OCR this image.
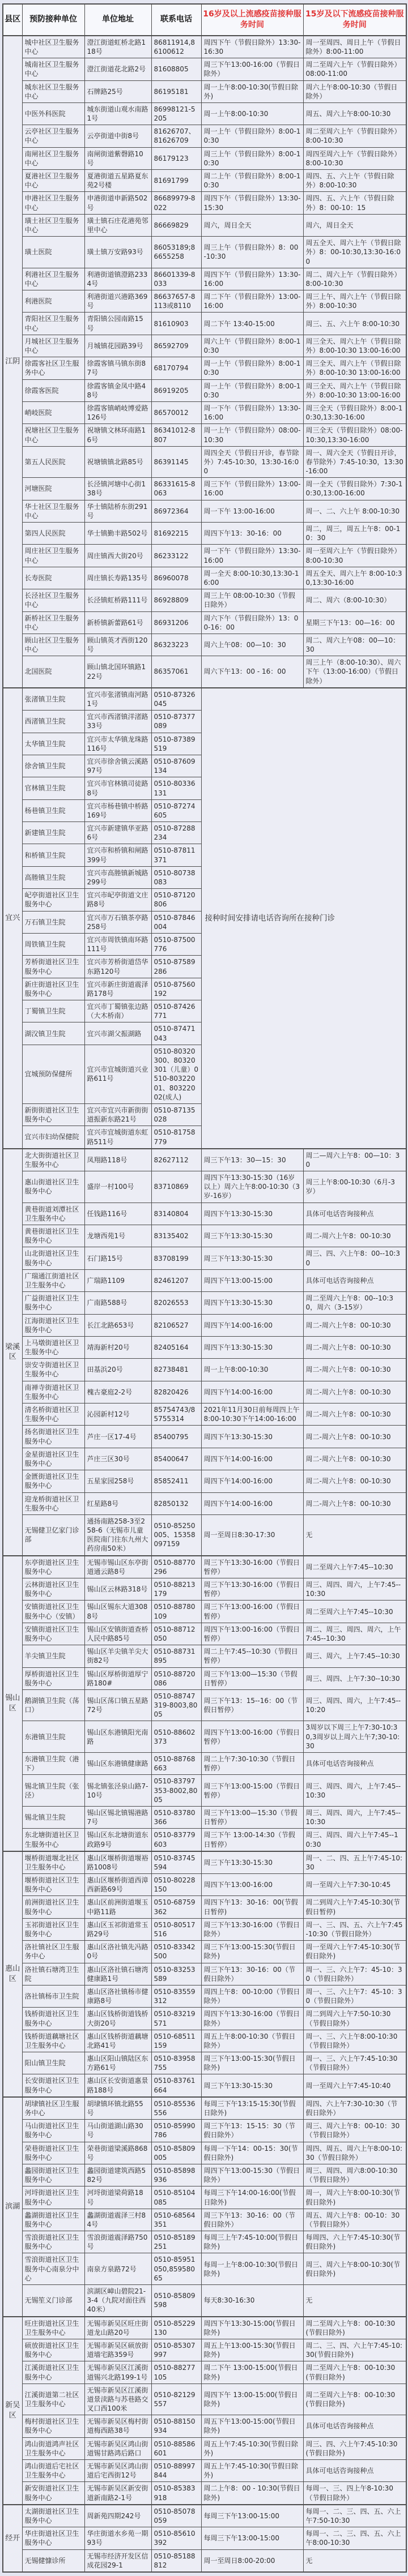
县区	预防接种单位	单位地址	联系电话	16岁及以上流感疫苗接种服务时间	15岁及以下流感疫苗接种服务时间
江阴	城中社区卫生服务中心	澄江街道虹桥北路118号	86811914,86100612	周四下午（节假日除外）13:30-16:30	周一至周四、周日上午（节假日除外）8:00-11:00
	城南社区卫生服务中心	澄江街道花北路2号	81608805	周三下午13:00-16:00（节假日除外）	周二至周六上午（节假日除外）08:00-11:00
	城东社区卫生服务中心	石牌路25号	86195181	周一上午8:00-10:30(节假日除外)	周六上午8:00-10:30（节假日除外）
	中医外科医院	城东街道山观水南路1号	86998121-5205	周一上午8:00-10:30	周五、周六上午8:00-10:30
	云亭社区卫生服务中心	云亭街道中街8号	81626707、81626709	周一上午（节假日除外）8:00-10:30	周二至周六上午（节假日除外）8:00-10:30
	南闸社区卫生服务中心	南闸街道紫磬路10号	86179123	周三上午（节假日除外）8:00-10:30	周四至周六上午（节假日除外）8:00-10:30
	夏港社区卫生服务中心	夏港街道五星路夏东苑2号楼	81691799	周二上午（节假日除外）8:00-10:30	周四、五、六上午（节假日除外）8:00-10:30
	申港社区卫生服务中心	申港街道申新路502号	86689979-8022	周四下午（节假日除外）13:30-15:30	周四、五、六上午（节假日除外）8：00-10：15
	璜土社区卫生服务中心	璜土镇石庄花港苑邻里中心	86669829	周六，周日全天	周六，周日全天
	璜土医院	璜土镇万安路93号	86053189;86655258	周三上午（节假日除外）8：00-10:30	周五全天、周六上午（节假日除外）8：00-10:30,13:30-16:00
	利港社区卫生服务中心	利港街道镇澄路2334号	86601339-8033	周四下午（节假日除外）13:30-16:00	周二、周六上午（节假日除外）8:00-10:30
	利港医院	利港街道兴港路369号	86637657-8113或8110	周二下午（节假日除外）13:00-16:00	周三上午、周六上午（节假日除外）8:00-10:30
	青阳社区卫生服务中心	青阳镇公园南路15号	81610903	周二下午 13:40-15:00	周三、五、六上午 8:00-10:30
	月城社区卫生服务中心	月城镇花园路39号	86592709	周六上午（节假日除外）8:00-10:30	周三全天、周六上午（节假日除外）8:00-10:30 13:00-16:00
	徐霞客社区卫生服务中心	徐霞客镇马镇东街87号	68170794	周一上午（节假日除外）8:00-10:30	周三全天、周六上午（节假日除外）8:00-10:30 13:00-16:00
	徐霞客医院	徐霞客镇金凤中路48号	86919205	周一上午（节假日除外）8:00-10:30	周三全天、周六上午（节假日除外）8:00-10:30 13:00-16:00
	峭岐医院	徐霞客镇峭岐博爱路126号	86570012	周一下午（节假日除外）13:30-16:00	周三全天（节假日除外）8:00-10:30,13:30-16:00
	祝塘社区卫生服务中心	祝塘镇文林环南路16号	86341012-8807	周一上午（节假日除外）08:00-10:30	周三全天（节假日除外）08:00-10:30,13:30-16:00
	第五人民医院	祝塘镇镇北路85号	86391145	周四全天（节假日开诊，春节除外）7:45-10:30，13:30-16:00	周一、周六全天（节假日开诊，春节除外）7:45-10:30，13:30-16:00
	河塘医院	长泾镇河塘中心街138号	86331615-8063	周三下午（节假日除外）13:00-16:00	周一全天（节假日除外）7:30-10:30,13:00-16:00
	华士社区卫生服务中心	华士镇陆桥东街291号	86972364	周一下午 13:00-16:00	周一、二、六上午 8:00-10:30
	第四人民医院	华士镇勤丰路502号	81692215	周四下午13：30-16：00	周二，周三，周五上午8：00-10：30
	周庄社区卫生服务中心	周庄镇西大街20号	86233122	周一下午（节假日除外）13:30-16:00	周一至周六上午（节假日除外）8:00-10:30
	长寿医院	周庄镇长寿路135号	86960078	周一全天 8:00-10:30,13:30-16:00	周五全天、周六上午 8:00-10:30,13:30-16:00
	长泾社区卫生服务中心	长泾镇虹桥路111号	86928809	周三上午 08:00-10:30（节假日除外）	周二、周六（8:00-10:30）
	新桥社区卫生服务中心	新桥镇新蕾路61号	86931206	周六下午（节假日除外）13：00-16：00	星期三下午13：00—16：00
	顾山社区卫生服务中心	顾山镇英才西街120号	86323223	周六上午08：00—10：30	周二、周六上午08：00—10：30
	北国医院	顾山镇北国环镇路122号	86357061	周六下午13：00 - 16：00	周三上午（8:00-10:30）、周六下午（13:00-16:00）（节假日除外）
宜兴	张渚镇卫生院	宜兴市张渚镇南河路1号	0510-87326045	接种时间安排请电话咨询所在接种门诊	
	西渚镇卫生院	宜兴市西渚镇洋渚路33号	0510-87377089		
	太华镇卫生院	宜兴市太华镇龙珠路116号	0510-87389519		
	徐舍镇卫生院	宜兴市徐舍镇云溪路97号	0510-87609134		
	官林镇卫生院	宜兴市官林镇司徒路8号	0510-80336131		
	杨巷镇卫生院	宜兴市杨巷镇中桥路169号	0510-87274605		
	新建镇卫生院	宜兴市新建镇华亚路6号	0510-87288234		
	和桥镇卫生院	宜兴市和桥镇和闸路399号	0510-87811371		
	高塍镇卫生院	宜兴市高塍镇新城路299号	0510-80738083		
	屺亭街道社区卫生服务中心	宜兴市屺亭街道文庄路8号	0510-87120806		
	万石镇卫生院	宜兴市万石镇茶亭路258号	0510-87846004		
	周铁镇卫生院	宜兴市周铁镇南环路111号	0510-87500776		
	芳桥街道社区卫生服务中心	宜兴市芳桥街道岱华东路120号	0510-87589286		
	新庄街道社区卫生服务中心	宜兴市新庄街道震泽路178号	0510-87560192		
	丁蜀镇卫生院	宜兴市丁蜀镇张边路（大木桥南）	0510-87426771		
	湖㳇镇卫生院	宜兴市湖父振湖路	0510-87471043		
	宜城预防保健所	宜兴市宜城街道兴业路611号	0510-80320300、80320301（儿童）0510-80322001、80322002(成人)		
	新街街道社区卫生服务中心	宜兴市宜兴市新街街道振新东路21号	0510-87135028		
	宜兴市妇幼保健院	宜兴市宜城街道东虹路511号	0510-81758779		
梁溪区	北大街街道社区卫生服务中心	凤翔路118号	82627112	周三下午13：30—15：30	周二—周六上午8：00—10：30
	惠山街道社区卫生服务中心	盛岸一村100号	83710869	周四下午13:30-15:30（16岁以上）周六上午8:00-10:30（3岁-16岁）	周三上午8:00-10:30（6月-3岁）
	黄巷街道刘潭社区卫生服务中心	任钱路116号	83140804	周四下午13:30-15:30	具体可电话咨询接种点
	黄巷街道社区卫生服务中心	龙塘西苑1号	83135402	周三下午13:30-15:30	周二-周六上午8：00-10:30
	山北街道社区卫生服务中心	石门路15号	83708199	周三下午13:30-15:30	周三、四、六上午8：00--10:30
	广瑞通江街道社区卫生服务中心	广瑞路1109	82461207	周四下午13:00-15:00	具体可电话咨询接种点
	广益街道社区卫生服务中心	广南路588号	82026553	周四下午13:30-15:30	周二至周六上午8：00--10:30，周六（3-15岁）
	江海街道社区卫生服务中心	长江北路653号	82106527	周四下午14:00-16:00	周二-周六上午8：00-10:30
	上马墩街道社区卫生服务中心	靖海新村20号	82405164	周四下午13:30-15:30	周二-周六上午8：00-10:30
	崇安寺街道社区卫生服务中心	田基浜20号	82738481	周一上午8:00-10:30	周二-周六上午8：00-10:30
	南禅寺街道社区卫生服务中心	槐古豪庭2-2号	82820426	周四下午14:00-16:00	周二-周六上午8：00-10:30
	清名桥街道社区卫生服务中心	沁园新村12号	85754743/85755314	2021年11月30日前每周四上午8:00-10:30下午14:00-16:00	周二-周六上午8：00-10:30
	扬名街道社区卫生服务中心	芦庄一区17-4号	85400795	周四下午13:30-15:30	周二-周六上午8：00-10:30
	金星街道社区卫生服务中心	芦庄三区30号	85400647	周四下午14:00-16:00	周二-周六上午8：00-10:30
	金匮街道社区卫生服务中心	五星家园258号	85852411	周四下午14:00-16:00	周二-周六上午8：00-10:30
	迎龙桥街道社区卫生服务中心	红星路8号	82850132	周四下午14:00-16:00	周二-周六上午8：00-10:30
	无锡健卫亿家门诊部	通扬南路258-3至258-6（无锡市儿童医院南门往东九州大药房南50米）	0510-85250005、15358097159	周一至周日8:30-17:30	无
锡山区	东亭街道社区卫生服务中心	无锡市锡山区东亭街道通云路8号	0510-88770296	周三下午13:30-16:00（节假日暂停）	周二至周六上午7:45--10:30
	云林街道社区卫生服务中心	锡山区云林路318号	0510-88213179	周三下午13:30-16:00（节假日暂停）	周三、周四、周六，上午7:45--10:30
	安镇街道社区卫生服务中心（安镇）	锡山区锡东大道3088号	0510-88780109	周三下午13:00-16:00（节假日暂停）	周二至周六上午7:45--10:30
	安镇街道社区卫生服务中心	锡山区安镇街道查桥人民中路85号	0510-88712050	周四下午13:00-16:00（节假日暂停）	周二、周三、周四、周六，上午7:45--10:30
	羊尖镇卫生院	锡山区羊尖镇羊尖大街82号	0510-88731895	周二上午7:45--10:30（节假日暂停）	周三、周六，上午7:45--10:30
	厚桥街道社区卫生服务中心	锡山区厚桥街道厚宁路180#	0510-88720086	周三下午13:00—15:30（节假日暂停）	周三、周四、上午7:30--10:30
	鹅湖镇卫生院（荡口）	锡山区荡口镇五星路72号	0510-88747319-8003,8005	周三下午13：15--16：00（节假日暂停）	周三、周四、周六，上午7:45--10:20
	东港镇卫生院	锡山区东港镇阳光南路	0510-88602373	周四下午13:00-16:00（节假日暂停）	3周岁以下周三上午7:30-10:30,3周岁以上周六上午7;30-10:30
	东港镇卫生院（港下）	锡山区东港镇健康路	0510-88768663	周二上午7:30-10:30（节假日暂停）	具体可电话咨询接种点
	锡北镇卫生院（张泾）	锡北镇张泾泉山路7-10号	0510-83797353-8002,8005	周三下午13:00-15:00（节假日暂停）	周三、周四、周六，上午7:45--10:30
	锡北镇卫生院	锡山区锡北镇锡港路7号	0510-83780366	周三下午13:00—15:30（节假日暂停）	周三、周四、周六，上午7:45--10:30
	东北塘街道社区卫生服务中心	锡山区东北塘街道东政路9号	0510-83779603	周三下午 13:00-14:30（节假日暂停）	周三、周四、周六上午7:45--10:30
惠山区	堰桥街道堰北社区卫生服务中心	惠山区堰桥街道堰裕路1008号	0510-83745594	周三下午13:30-15:30	周一、二、四、五上午7:45-10:30
	堰桥街道社区卫生服务中心	惠山区堰桥街道西漳西新路69号	0510-80228150	周四下午13:00-16:00	周一至周六上午7:30-10:45
	前洲街道社区卫生服务中心	惠山区前洲街道堰玉中路11路	0510-68759362	周四下午13：30-16：00(节假日暂停)	周二到周六上午7:45-10:30(节假日暂停)
	玉祁街道社区卫生服务中心	惠山区玉祁街道常玉路29号	0510-80517516	周三下午13:30-16:00（节假日除外）	周一、三、四、五、六上午7:45-10:30（节假日除外）
	洛社镇社区卫生服务中心	惠山区洛社镇先冯路0号	0510-83342500	周三下午13:00-15:30(节假日除外)	周一至周六上午7:45-10:30(节假日除外)
	洛社镇石塘湾卫生院	惠山区洛社镇石塘湾健康路1号	0510-83253589	周三下午13：30-16：00（节假日除外）	周一、三、六上午7：45-10：30（节假日除外）
	洛社镇杨市卫生院	惠山区洛社镇杨市健康路8号	0510-83559312	周四上午8：00-10:00（节假日除外）	周一、三、六上午7：45-10：30（节假日除外）
	钱桥街道社区卫生服务中心	惠山区钱桥街道钱桥大街20号	0510-83219571	周四下午13:30-16:00（节假日除外）	周二到周六上午7:50-10:30（节假日除外）
	钱桥街道藕塘社区卫生服务中心	惠山区钱桥街道藕塘北路41号	0510-68511159	周五上午8:00-10:30（节假日除外）	周一、三、六上午8:00-10:30（节假日除外）
	阳山镇卫生院	惠山区阳山镇陆区东方路61号	0510-83958755	周三下午13:00-15:30(节假日除外)	周一、三、六上午7:45-10:30（节假日除外）
	长安街道社区卫生服务中心	惠山区长安街道惠景路188号	0510-83761664	周三下午13:30-15:30	周一至周六上午7:45-10:40
滨湖	胡埭镇社区卫生服务中心	胡埭镇环镇北路55号	0510-85536556	每周三下午13:15-15:30(节假日除外)	周四、六上午7:30-10:30（节假日除外）
	马山街道社区卫生服务中心	马山街道湖山路30号	0510-85990786	周三下午13：15-15：30（节假日除外）	周三、周六上午8：00-10：30（节假日除外）
	荣巷街道社区卫生服务中心	荣巷街道梁溪路868号	0510-85809005	每周一下午14：00-15：30(节假日除外)	周四、周五、周六上午8:00-10:30（节假日除外）
	蠡园街道社区卫生服务中心	蠡园街道建筑西路582号	0510-85898936	周四下午13:00-15:30（节假日除外）	周三、周四、周六8:00-10:30（节假日除外）
	河埒街道社区卫生服务中心	河埒街道梁荷路18号	0510-85104085	每周三下午14:00-16:00(节假日除外)	周一，周六上午8:00-10:30(节假日除外)
	蠡湖街道社区卫生服务中心	蠡湖街道震泽三村84号	0510-68564351	周三下午13：30-16：00（节假日除外）	周五、周六上午8：00-10：30（节假日除外）
	雪浪街道社区卫生服务中心	雪浪街道震泽路750号	0510-85189251	每周三上午7:45-10:00(节假日除外)	每周四、六上午7:45-10:30(节假日除外)
	雪浪街道社区卫生服务中心南泉分中心	南泉方泉路72号	0510-85951050,85958065	每周一上午8:00-10:30(节假日除外)	周三、周六上午8:00-10:30(节假日除外)
	无锡笙义门诊部	滨湖区嶂山碧院21-3-4（九院对面往西40米）	0510-85809598	每天8:30-16:30	无
新吴区	旺庄街道社区卫生卫生服务中心	无锡市新吴区旺庄街道龙山路20号	0510-85229130	周四下午13:30-15:00(节假日除外)	周二至周六上午8：00-10:30(节假日除外)
	硕放街道社区卫生服务中心	无锡市新吴区硕放街道墙宅路359号	0510-85307997	周五上午13:00-15:30(节假日除外)	周二、三、四、六上午7:45-10:30(节假日除外)
	江溪街道社区卫生服务中心	无锡市新吴区江溪街道锡兴北路199-1号	0510-88277105	周二下午 13:00-15:00(节假日除外)	周二至周六上午8：00-10:30(节假日除外)
	江溪街道第二社区卫生服务中心	无锡市新吴区江溪街道景渎路与苏巷路交叉口西100米	0510-82129557	周四下午 13:00-15:00(节假日除外)	周二至周六上午8：00-10:30(节假日除外)
	梅村街道社区卫生服务中心	无锡市新吴区梅村街道梅西路38号	0510-88150934	周五下午13:00-15:00(节假日除外)	具体可电话咨询接种点
	鸿山街道鸿声社区卫生服务中心	无锡市新吴区鸿山街道锡甘路鸿后路口	0510-88586601	周五上午7:45-10:30(节假日除外)	周三、四、六上午7:45-10:30(节假日除外)
	鸿山街道后宅社区卫生服务中心	无锡市新吴区鸿山街道后宅西街12号	0510-88997844	周五上午7:45-10:30(节假日除外)	具体可电话咨询接种点
	新安街道社区卫生服务中心	无锡市新吴区新安街道新南路2-1号	0510-85383918	周二上午8：00 - 10:30(节假日除外)	每周一、三、四上午8-10:30（节假日除外）
经开	太湖街道社区卫生服务中心	周新苑四期242号	0510-85078059	每周三下午13:00-15:00	每周一、二、三、四、五、六上午7:50-10:30
	华庄街道社区卫生服务中心	华庄街道水乡苑一期93号	0510-85610392	每周三下午13:00-15:00	每周一、二、三、四、五、六上午8:00-10:30
	无锡健慷诊所	无锡市经济开发区信成花园29-1	0510-85188812	周一至周日8:00-20:00	无
